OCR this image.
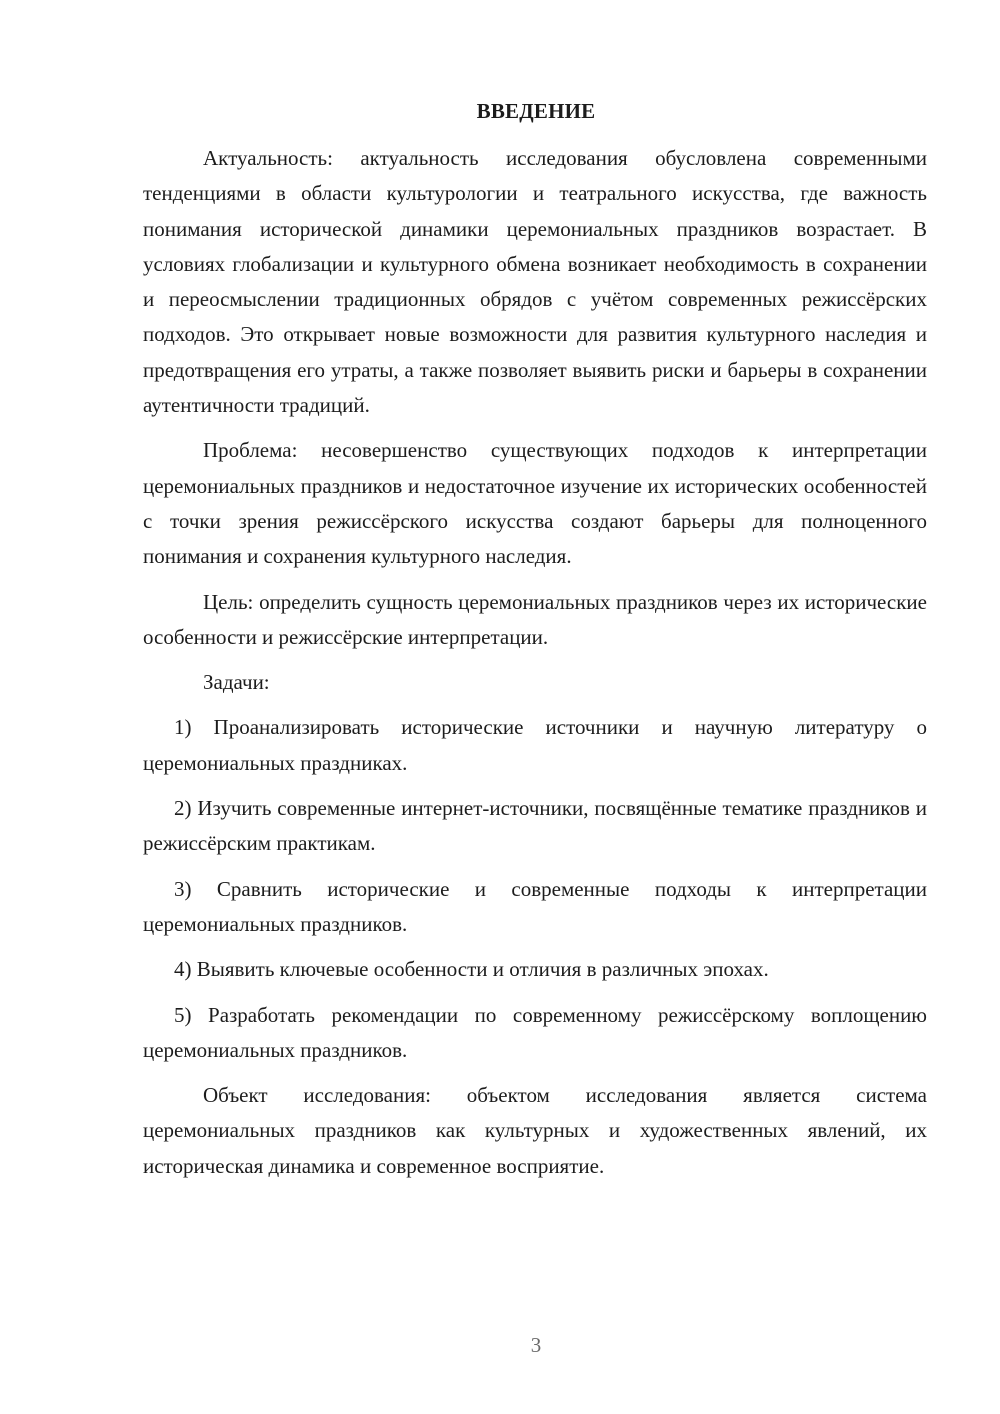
ВВЕДЕНИЕ

Актуальность: актуальность исследования обусловлена современными тенденциями в области культурологии и театрального искусства, где важность понимания исторической динамики церемониальных праздников возрастает. В условиях глобализации и культурного обмена возникает необходимость в сохранении и переосмыслении традиционных обрядов с учётом современных режиссёрских подходов. Это открывает новые возможности для развития культурного наследия и предотвращения его утраты, а также позволяет выявить риски и барьеры в сохранении аутентичности традиций.

Проблема: несовершенство существующих подходов к интерпретации церемониальных праздников и недостаточное изучение их исторических особенностей с точки зрения режиссёрского искусства создают барьеры для полноценного понимания и сохранения культурного наследия.

Цель: определить сущность церемониальных праздников через их исторические особенности и режиссёрские интерпретации.

Задачи:

1) Проанализировать исторические источники и научную литературу о церемониальных праздниках.

2) Изучить современные интернет-источники, посвящённые тематике праздников и режиссёрским практикам.

3) Сравнить исторические и современные подходы к интерпретации церемониальных праздников.

4) Выявить ключевые особенности и отличия в различных эпохах.

5) Разработать рекомендации по современному режиссёрскому воплощению церемониальных праздников.

Объект исследования: объектом исследования является система церемониальных праздников как культурных и художественных явлений, их историческая динамика и современное восприятие.

3
